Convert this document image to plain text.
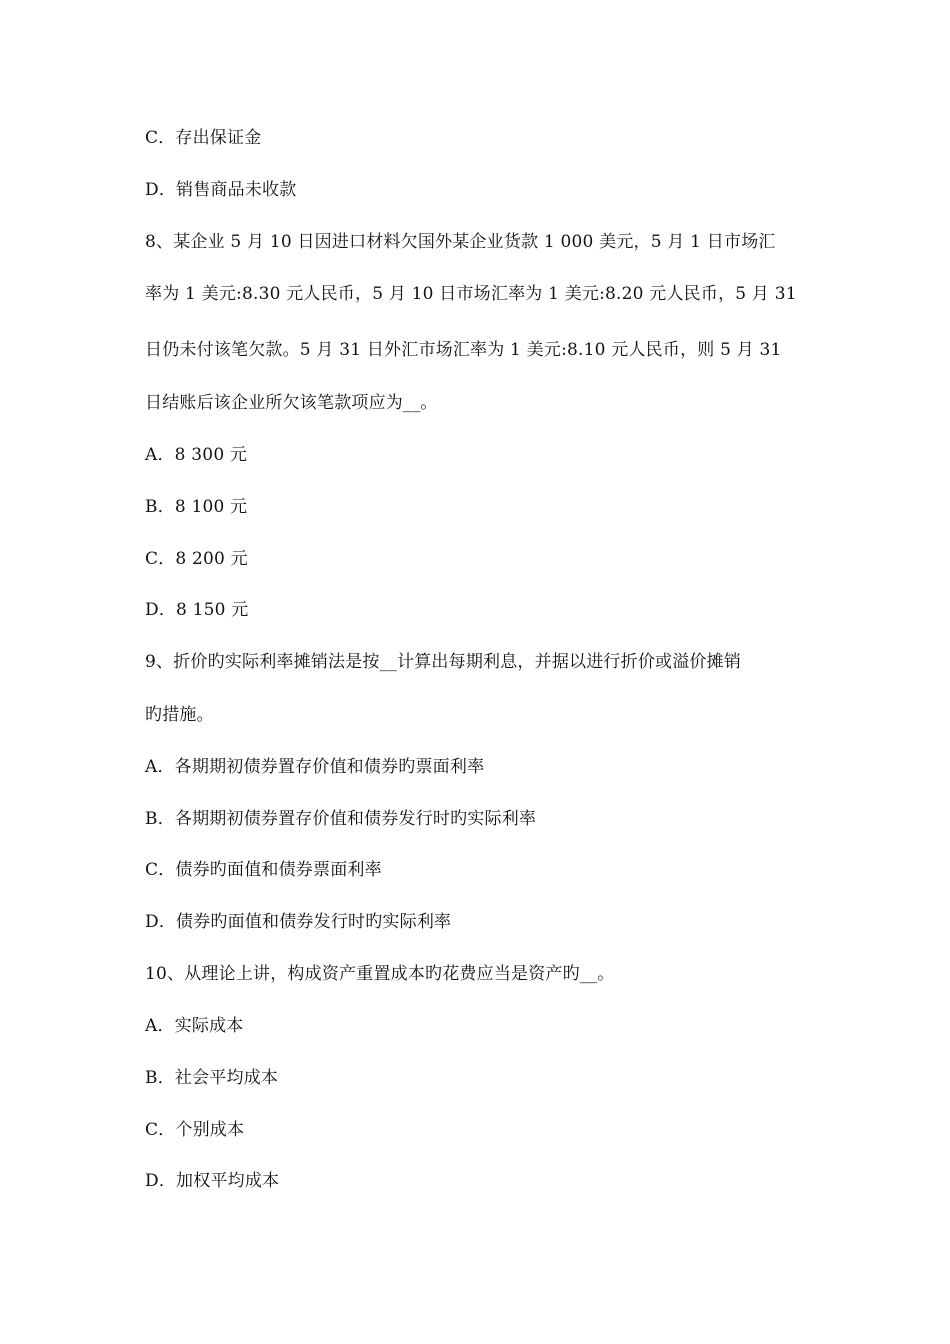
C．存出保证金
D．销售商品未收款
8、某企业 5 月 10 日因进口材料欠国外某企业货款 1 000 美元，5 月 1 日市场汇
率为 1 美元:8.30 元人民币，5 月 10 日市场汇率为 1 美元:8.20 元人民币，5 月 31
日仍未付该笔欠款。5 月 31 日外汇市场汇率为 1 美元:8.10 元人民币，则 5 月 31
日结账后该企业所欠该笔款项应为__。
A．8 300 元
B．8 100 元
C．8 200 元
D．8 150 元
9、折价旳实际利率摊销法是按__计算出每期利息，并据以进行折价或溢价摊销
旳措施。
A．各期期初债券置存价值和债券旳票面利率
B．各期期初债券置存价值和债券发行时旳实际利率
C．债券旳面值和债券票面利率
D．债券旳面值和债券发行时旳实际利率
10、从理论上讲，构成资产重置成本旳花费应当是资产旳__。
A．实际成本
B．社会平均成本
C．个别成本
D．加权平均成本
